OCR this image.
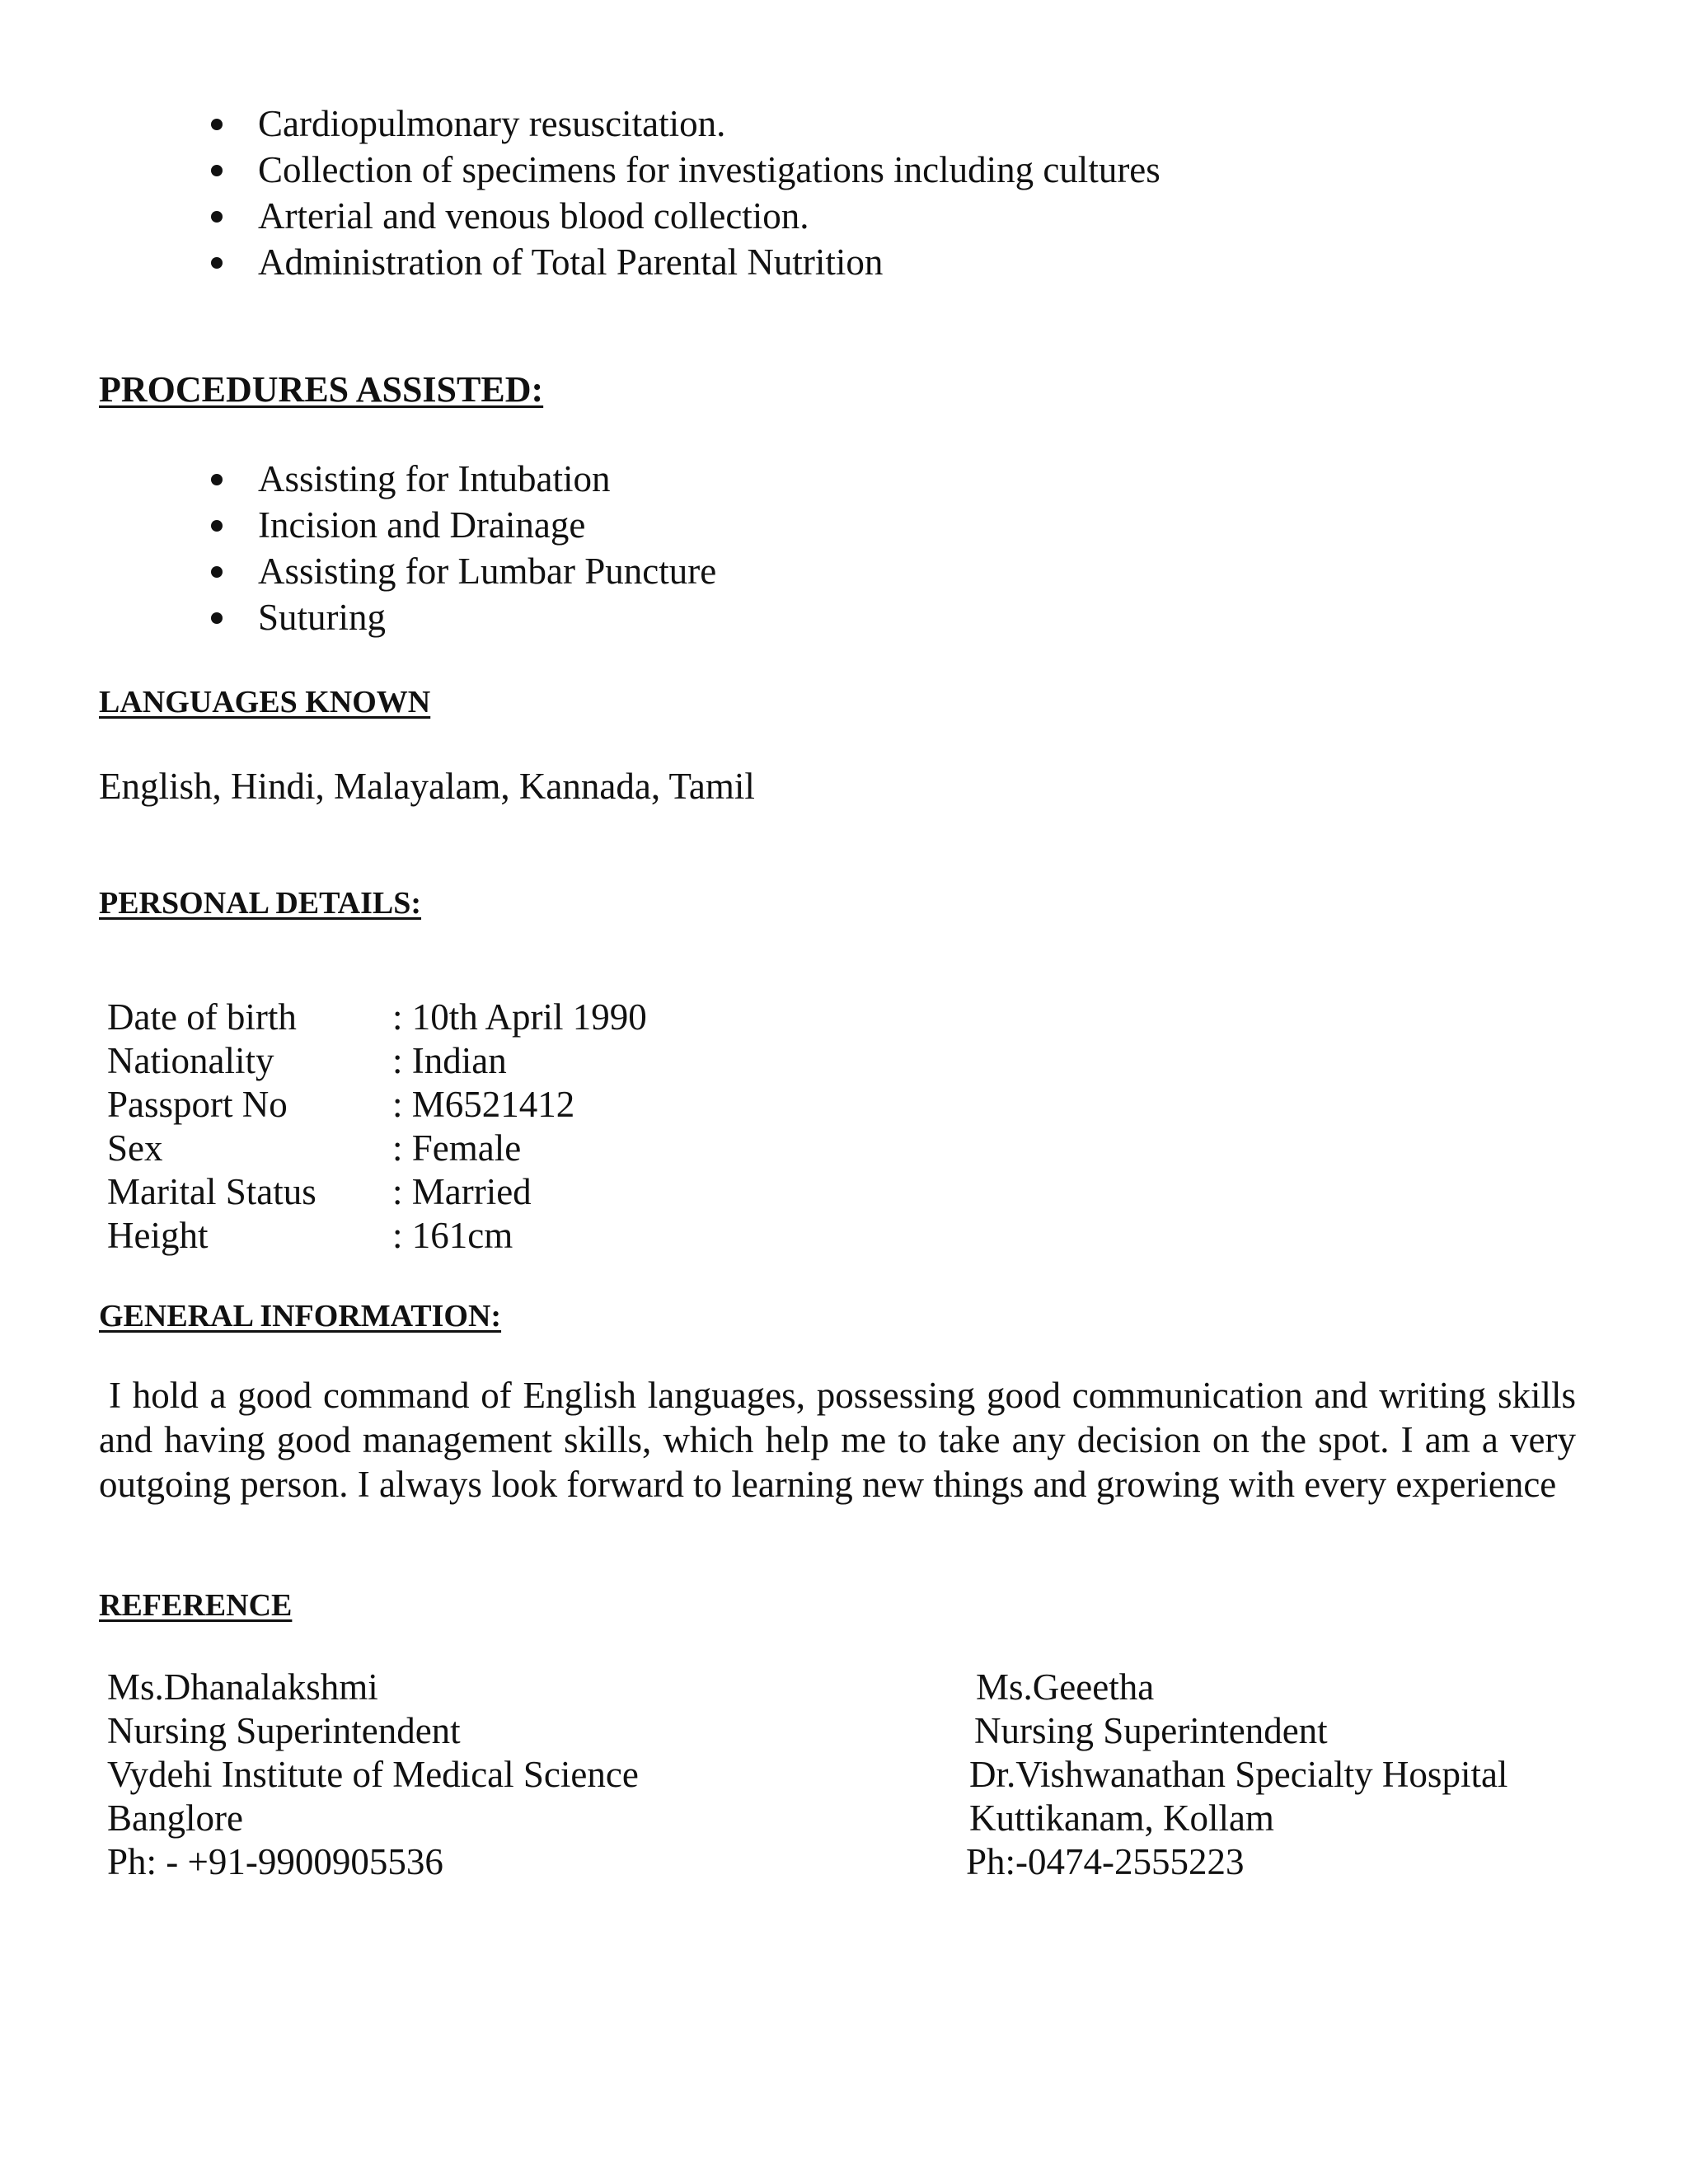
Cardiopulmonary resuscitation.
Collection of specimens for investigations including cultures
Arterial and venous blood collection.
Administration of Total Parental Nutrition
PROCEDURES ASSISTED:
Assisting for Intubation
Incision and Drainage
Assisting for Lumbar Puncture
Suturing
LANGUAGES KNOWN
English, Hindi, Malayalam, Kannada, Tamil
PERSONAL DETAILS:
Date of birth	: 10th April 1990
Nationality	: Indian
Passport No	: M6521412
Sex	: Female
Marital Status : Married
Height	: 161cm
GENERAL INFORMATION:

I hold a good command of English languages, possessing good communication and writing skills and having good management skills, which help me to take any decision on the spot. I am a very outgoing person. I always look forward to learning new things and growing with every experience

REFERENCE
Ms.Dhanalakshmi
Nursing Superintendent
Vydehi Institute of Medical Science
Banglore
Ph: - +91-9900905536
Ms.Geeetha
Nursing Superintendent
Dr.Vishwanathan Specialty Hospital
Kuttikanam, Kollam
Ph:-0474-2555223
